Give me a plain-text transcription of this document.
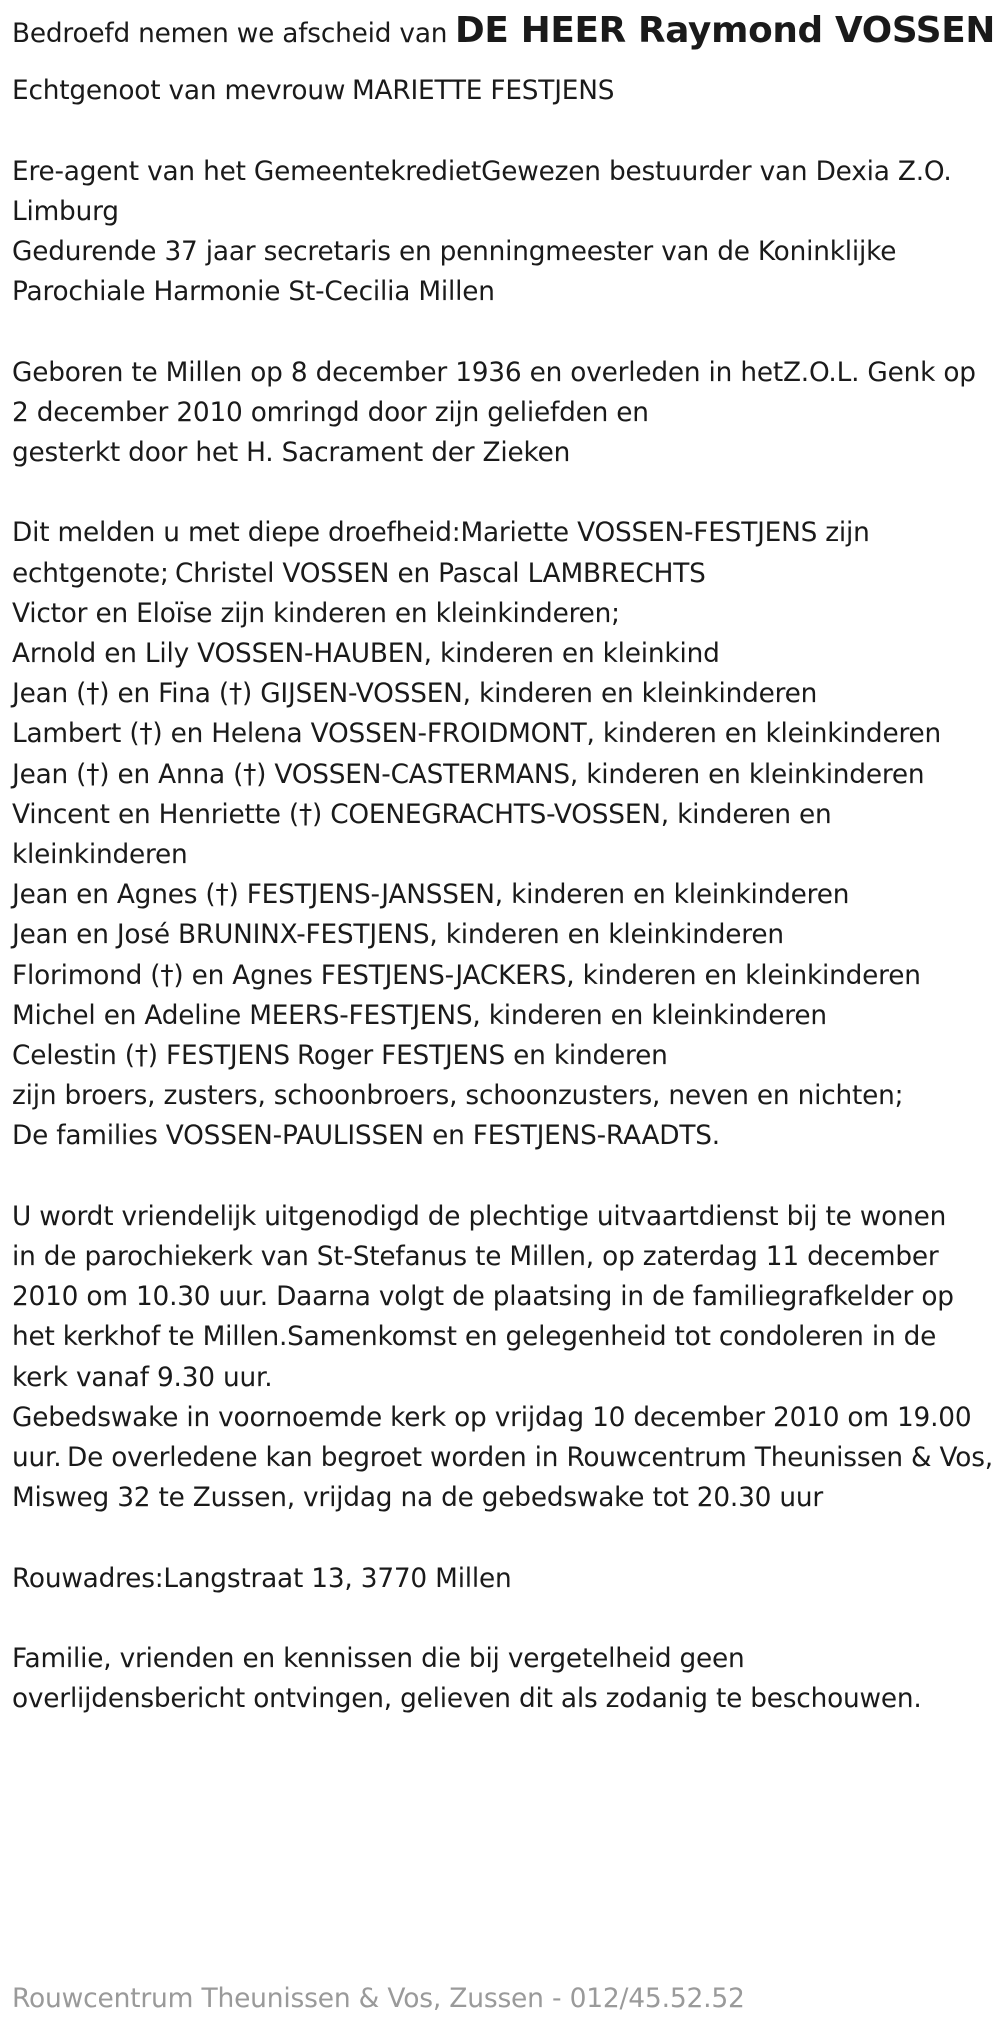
Bedroefd nemen we afscheid van DE HEER Raymond VOSSEN
Echtgenoot van mevrouw MARIETTE FESTJENS
Ere-agent van het GemeentekredietGewezen bestuurder van Dexia Z.O. Limburg Gedurende 37 jaar secretaris en penningmeester van de Koninklijke Parochiale Harmonie St-Cecilia Millen
Geboren te Millen op 8 december 1936 en overleden in hetZ.O.L. Genk op 2 december 2010 omringd door zijn geliefden en gesterkt door het H. Sacrament der Zieken
Dit melden u met diepe droefheid:Mariette VOSSEN-FESTJENS zijn echtgenote; Christel VOSSEN en Pascal LAMBRECHTS Victor en Eloïse zijn kinderen en kleinkinderen; Arnold en Lily VOSSEN-HAUBEN, kinderen en kleinkind Jean (†) en Fina (†) GIJSEN-VOSSEN, kinderen en kleinkinderen Lambert (†) en Helena VOSSEN-FROIDMONT, kinderen en kleinkinderen Jean (†) en Anna (†) VOSSEN-CASTERMANS, kinderen en kleinkinderen Vincent en Henriette (†) COENEGRACHTS-VOSSEN, kinderen en kleinkinderen Jean en Agnes (†) FESTJENS-JANSSEN, kinderen en kleinkinderen Jean en José BRUNINX-FESTJENS, kinderen en kleinkinderen Florimond (†) en Agnes FESTJENS-JACKERS, kinderen en kleinkinderen Michel en Adeline MEERS-FESTJENS, kinderen en kleinkinderen Celestin (†) FESTJENS Roger FESTJENS en kinderen zijn broers, zusters, schoonbroers, schoonzusters, neven en nichten; De families VOSSEN-PAULISSEN en FESTJENS-RAADTS.
U wordt vriendelijk uitgenodigd de plechtige uitvaartdienst bij te wonen in de parochiekerk van St-Stefanus te Millen, op zaterdag 11 december 2010 om 10.30 uur. Daarna volgt de plaatsing in de familiegrafkelder op het kerkhof te Millen.Samenkomst en gelegenheid tot condoleren in de kerk vanaf 9.30 uur. Gebedswake in voornoemde kerk op vrijdag 10 december 2010 om 19.00 uur. De overledene kan begroet worden in Rouwcentrum Theunissen & Vos, Misweg 32 te Zussen, vrijdag na de gebedswake tot 20.30 uur
Rouwadres:Langstraat 13, 3770 Millen
Familie, vrienden en kennissen die bij vergetelheid geen overlijdensbericht ontvingen, gelieven dit als zodanig te beschouwen.
Rouwcentrum Theunissen & Vos, Zussen - 012/45.52.52
